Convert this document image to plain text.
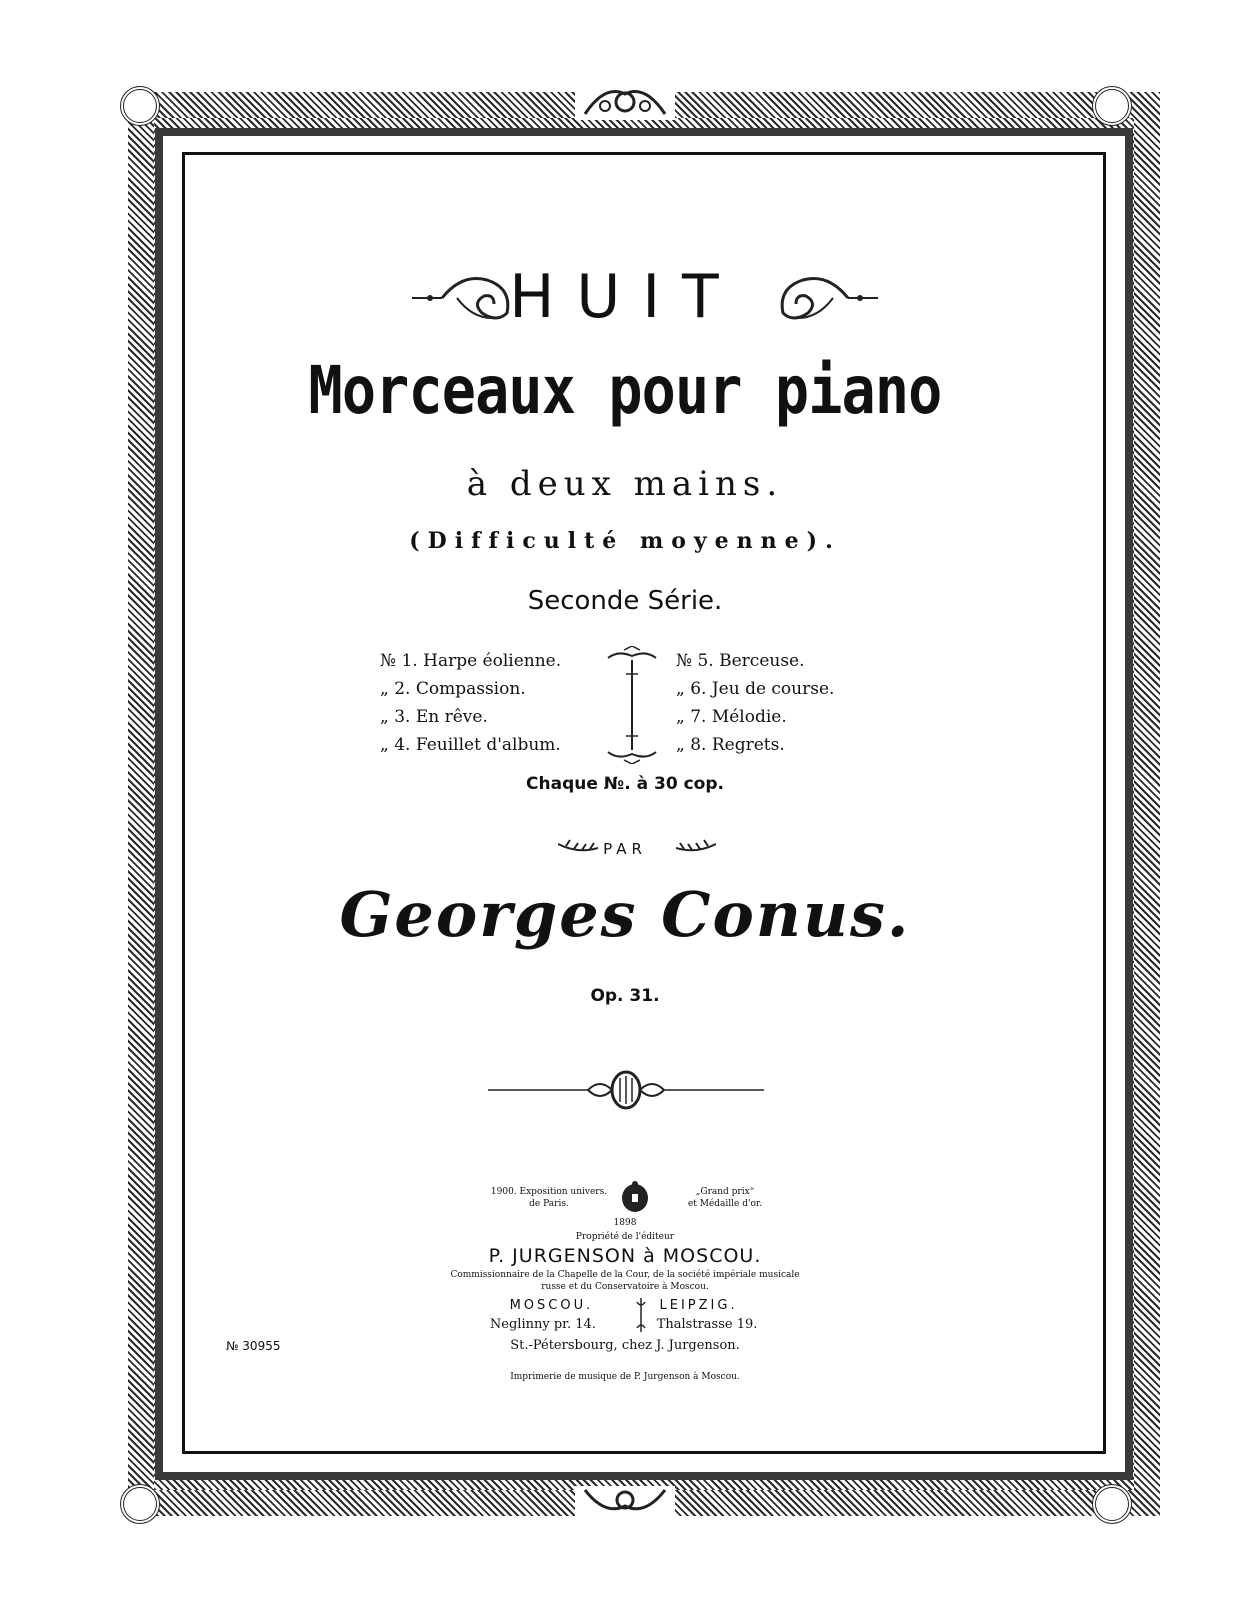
HUIT
Morceaux pour piano
à deux mains.
(Difficulté moyenne).
Seconde Série.
№ 1. Harpe éolienne.
„ 2. Compassion.
„ 3. En rêve.
„ 4. Feuillet d'album.
№ 5. Berceuse.
„ 6. Jeu de course.
„ 7. Mélodie.
„ 8. Regrets.
Chaque №. à 30 cop.
PAR
Georges Conus.
Op. 31.
1900. Exposition univers.
de Paris.
„Grand prix“
et Médaille d'or.
1898
Propriété de l'éditeur
P. JURGENSON à MOSCOU.
Commissionnaire de la Chapelle de la Cour, de la société impériale musicale
russe et du Conservatoire à Moscou.
MOSCOU.	LEIPZIG.
Neglinny pr. 14.	Thalstrasse 19.
St.-Pétersbourg, chez J. Jurgenson.
Imprimerie de musique de P. Jurgenson à Moscou.
№ 30955
